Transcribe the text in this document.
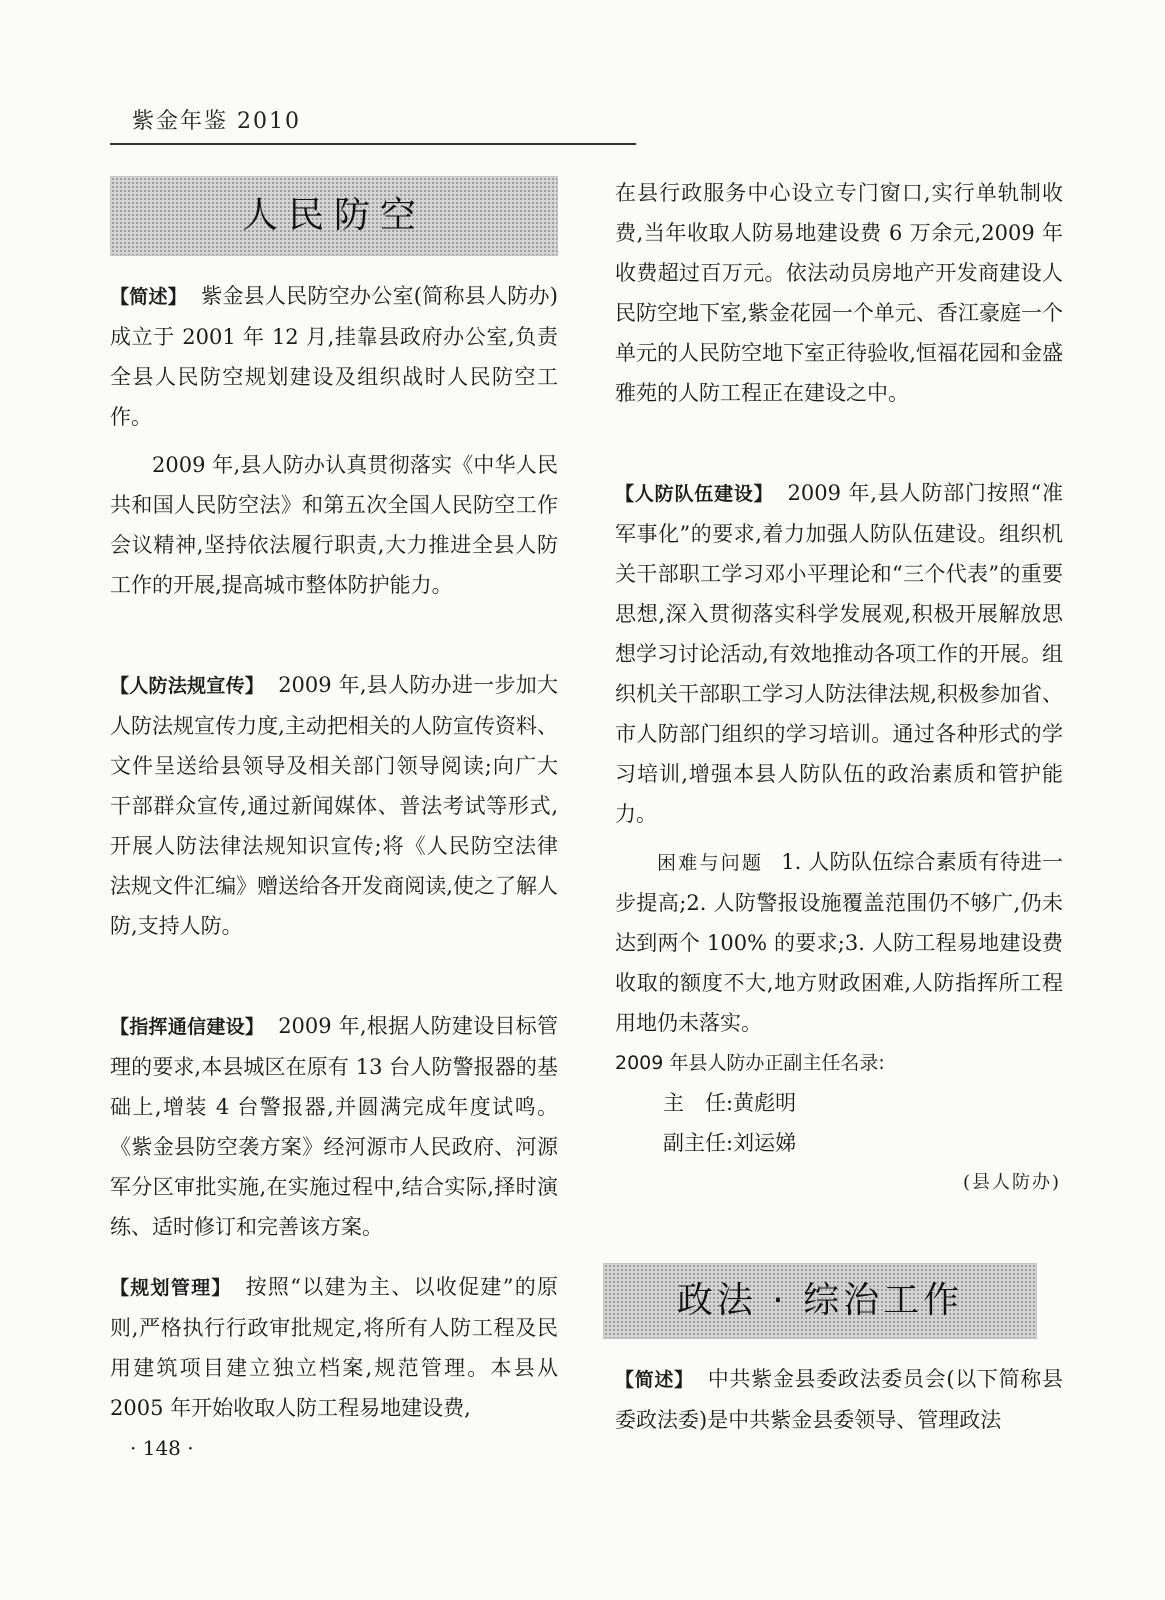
紫金年鉴 2010
人民防空

【简述】 紫金县人民防空办公室(简称县人防办)成立于 2001 年 12 月,挂靠县政府办公室,负责全县人民防空规划建设及组织战时人民防空工作。

2009 年,县人防办认真贯彻落实《中华人民共和国人民防空法》和第五次全国人民防空工作会议精神,坚持依法履行职责,大力推进全县人防工作的开展,提高城市整体防护能力。

【人防法规宣传】 2009 年,县人防办进一步加大人防法规宣传力度,主动把相关的人防宣传资料、文件呈送给县领导及相关部门领导阅读;向广大干部群众宣传,通过新闻媒体、普法考试等形式,开展人防法律法规知识宣传;将《人民防空法律法规文件汇编》赠送给各开发商阅读,使之了解人防,支持人防。

【指挥通信建设】 2009 年,根据人防建设目标管理的要求,本县城区在原有 13 台人防警报器的基础上,增装 4 台警报器,并圆满完成年度试鸣。《紫金县防空袭方案》经河源市人民政府、河源军分区审批实施,在实施过程中,结合实际,择时演练、适时修订和完善该方案。

【规划管理】 按照“以建为主、以收促建”的原则,严格执行行政审批规定,将所有人防工程及民用建筑项目建立独立档案,规范管理。本县从 2005 年开始收取人防工程易地建设费,

· 148 ·

在县行政服务中心设立专门窗口,实行单轨制收费,当年收取人防易地建设费 6 万余元,2009 年收费超过百万元。依法动员房地产开发商建设人民防空地下室,紫金花园一个单元、香江豪庭一个单元的人民防空地下室正待验收,恒福花园和金盛雅苑的人防工程正在建设之中。

【人防队伍建设】 2009 年,县人防部门按照“准军事化”的要求,着力加强人防队伍建设。组织机关干部职工学习邓小平理论和“三个代表”的重要思想,深入贯彻落实科学发展观,积极开展解放思想学习讨论活动,有效地推动各项工作的开展。组织机关干部职工学习人防法律法规,积极参加省、市人防部门组织的学习培训。通过各种形式的学习培训,增强本县人防队伍的政治素质和管护能力。

困难与问题 1. 人防队伍综合素质有待进一步提高;2. 人防警报设施覆盖范围仍不够广,仍未达到两个 100% 的要求;3. 人防工程易地建设费收取的额度不大,地方财政困难,人防指挥所工程用地仍未落实。

2009 年县人防办正副主任名录:
主　任:黄彪明
副主任:刘运娣
(县人防办)
政法 · 综治工作

【简述】 中共紫金县委政法委员会(以下简称县委政法委)是中共紫金县委领导、管理政法
